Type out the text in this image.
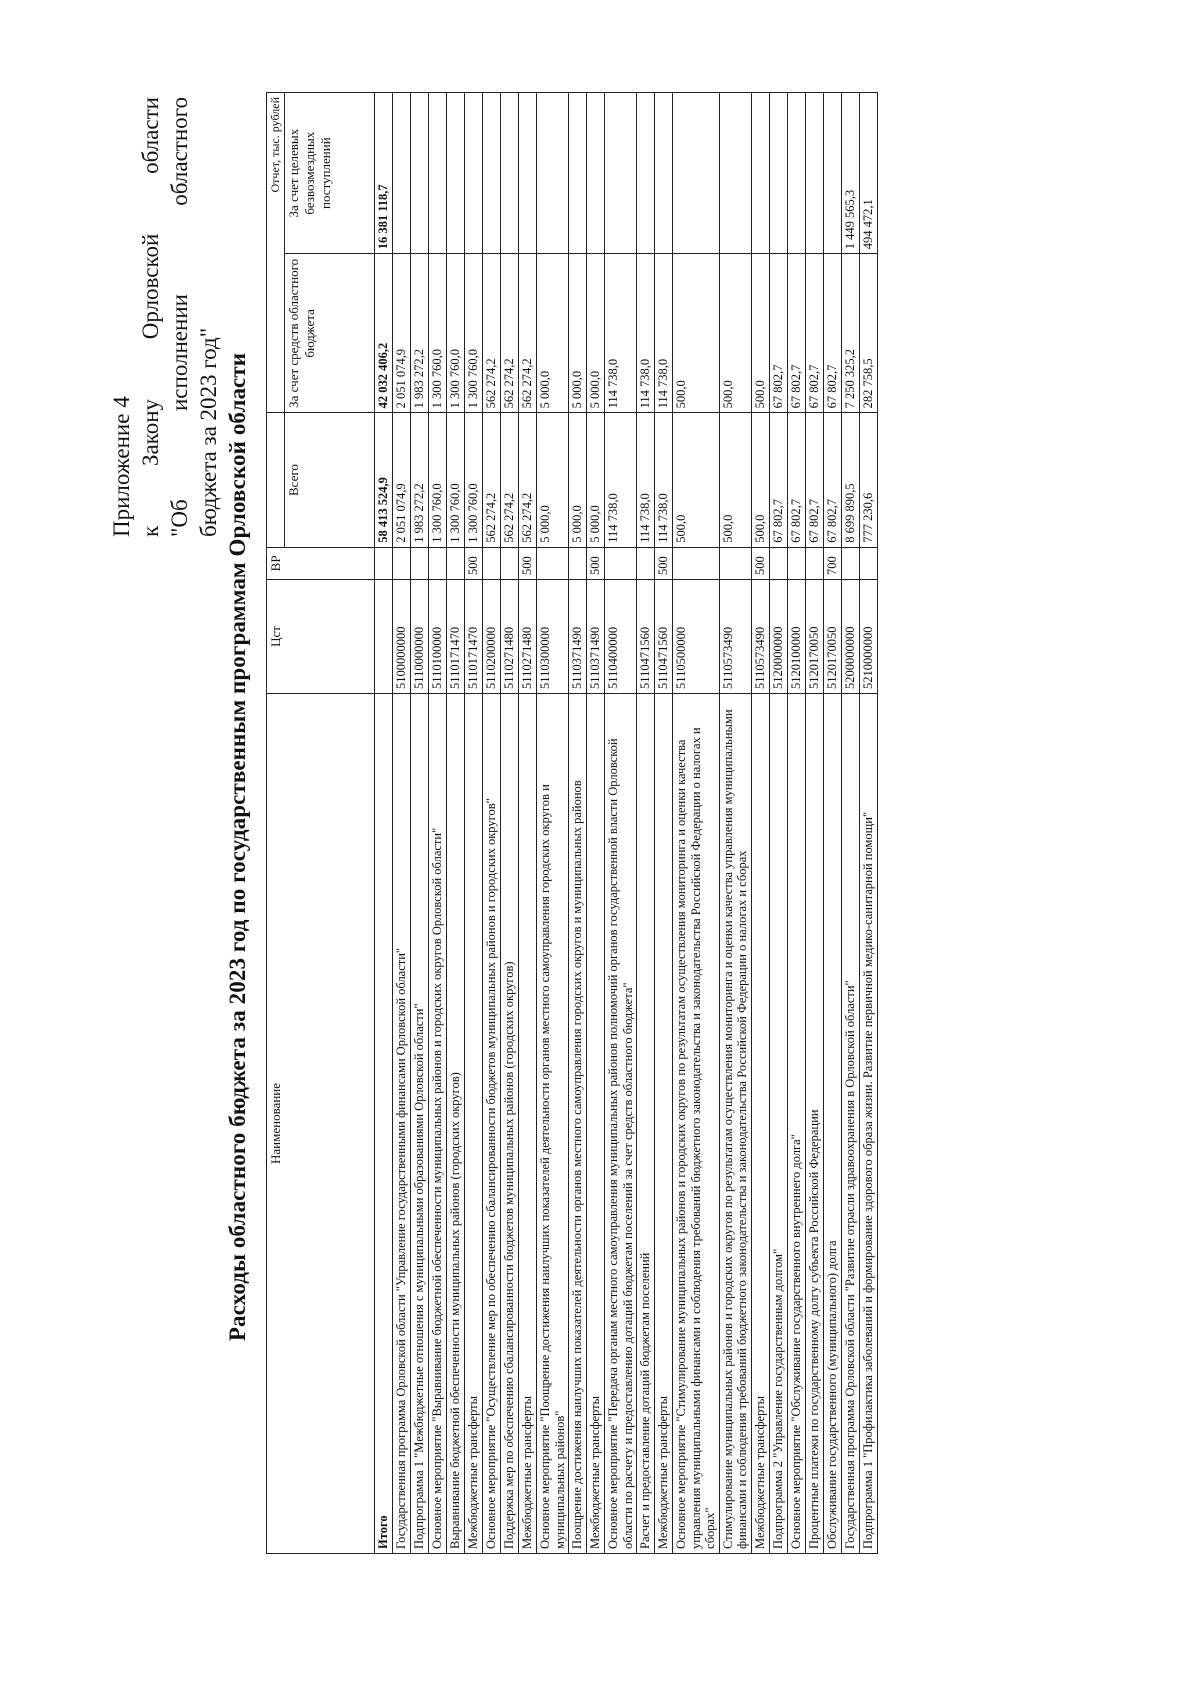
Приложение 4 к
Закону
Орловской
области
"Об
исполнении
областного
бюджета за 2023 год" Расходы областного бюджета за 2023 год по государственным программам Орловской области Наименование	Цст	ВР		Отчет, тыс. рублей	
			Всего	За счет средств областного бюджета	За счет целевых безвозмездных поступлений
Итого			58 413 524,9	42 032 406,2	16 381 118,7
Государственная программа Орловской области "Управление государственными финансами Орловской области"	5100000000		2 051 074,9	2 051 074,9	
Подпрограмма 1 "Межбюджетные отношения с муниципальными образованиями Орловской области"	5110000000		1 983 272,2	1 983 272,2	
Основное мероприятие "Выравнивание бюджетной обеспеченности муниципальных районов и городских округов Орловской области"	5110100000		1 300 760,0	1 300 760,0	
Выравнивание бюджетной обеспеченности муниципальных районов (городских округов)	5110171470		1 300 760,0	1 300 760,0	
Межбюджетные трансферты	5110171470	500	1 300 760,0	1 300 760,0	
Основное мероприятие "Осуществление мер по обеспечению сбалансированности бюджетов муниципальных районов и городских округов"	5110200000		562 274,2	562 274,2	
Поддержка мер по обеспечению сбалансированности бюджетов муниципальных районов (городских округов)	5110271480		562 274,2	562 274,2	
Межбюджетные трансферты	5110271480	500	562 274,2	562 274,2	
Основное мероприятие "Поощрение достижения наилучших показателей деятельности органов местного самоуправления городских округов и муниципальных районов"	5110300000		5 000,0	5 000,0	
Поощрение достижения наилучших показателей деятельности органов местного самоуправления городских округов и муниципальных районов	5110371490		5 000,0	5 000,0	
Межбюджетные трансферты	5110371490	500	5 000,0	5 000,0	
Основное мероприятие "Передача органам местного самоуправления муниципальных районов полномочий органов государственной власти Орловской области по расчету и предоставлению дотаций бюджетам поселений за счет средств областного бюджета"	5110400000		114 738,0	114 738,0	
Расчет и предоставление дотаций бюджетам поселений	5110471560		114 738,0	114 738,0	
Межбюджетные трансферты	5110471560	500	114 738,0	114 738,0	
Основное мероприятие "Стимулирование муниципальных районов и городских округов по результатам осуществления мониторинга и оценки качества управления муниципальными финансами и соблюдения требований бюджетного законодательства и законодательства Российской Федерации о налогах и сборах"	5110500000		500,0	500,0	
Стимулирование муниципальных районов и городских округов по результатам осуществления мониторинга и оценки качества управления муниципальными финансами и соблюдения требований бюджетного законодательства и законодательства Российской Федерации о налогах и сборах	5110573490		500,0	500,0	
Межбюджетные трансферты	5110573490	500	500,0	500,0	
Подпрограмма 2 "Управление государственным долгом"	5120000000		67 802,7	67 802,7	
Основное мероприятие "Обслуживание государственного внутреннего долга"	5120100000		67 802,7	67 802,7	
Процентные платежи по государственному долгу субъекта Российской Федерации	5120170050		67 802,7	67 802,7	
Обслуживание государственного (муниципального) долга	5120170050	700	67 802,7	67 802,7	
Государственная программа Орловской области "Развитие отрасли здравоохранения в Орловской области"	5200000000		8 699 890,5	7 250 325,2	1 449 565,3
Подпрограмма 1 "Профилактика заболеваний и формирование здорового образа жизни. Развитие первичной медико-санитарной помощи"	5210000000		777 230,6	282 758,5	494 472,1
